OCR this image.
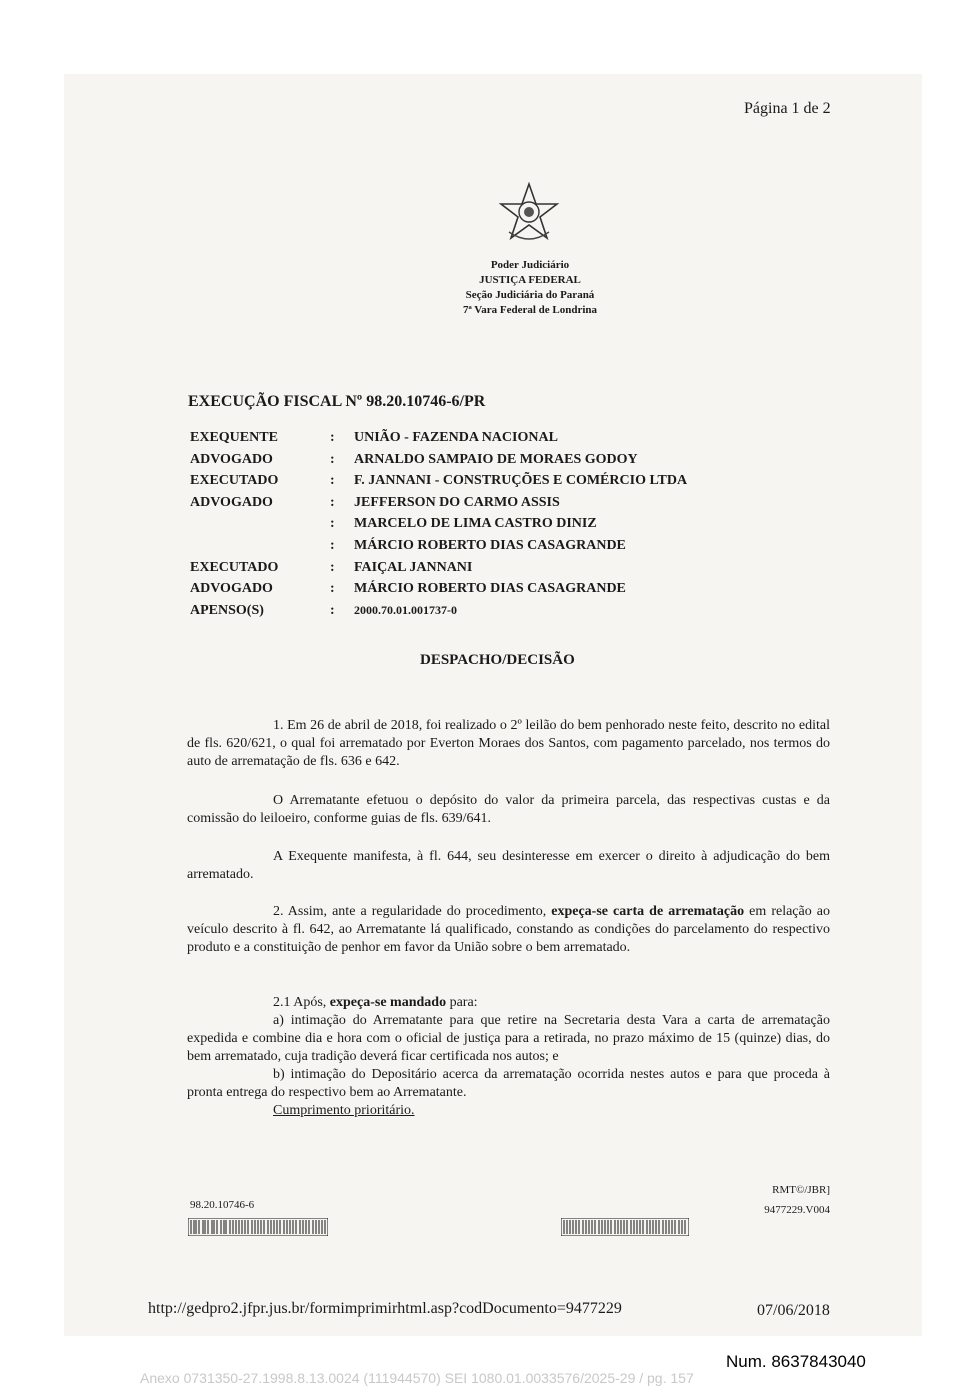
Página 1 de 2
Poder Judiciário
JUSTIÇA FEDERAL
Seção Judiciária do Paraná
7ª Vara Federal de Londrina
EXECUÇÃO FISCAL Nº 98.20.10746-6/PR
EXEQUENTE	: UNIÃO - FAZENDA NACIONAL
ADVOGADO	: ARNALDO SAMPAIO DE MORAES GODOY
EXECUTADO	: F. JANNANI - CONSTRUÇÕES E COMÉRCIO LTDA
ADVOGADO	: JEFFERSON DO CARMO ASSIS
: MARCELO DE LIMA CASTRO DINIZ
: MÁRCIO ROBERTO DIAS CASAGRANDE
EXECUTADO	: FAIÇAL JANNANI
ADVOGADO	: MÁRCIO ROBERTO DIAS CASAGRANDE
APENSO(S)	: 2000.70.01.001737-0
DESPACHO/DECISÃO

1. Em 26 de abril de 2018, foi realizado o 2º leilão do bem penhorado neste feito, descrito no edital de fls. 620/621, o qual foi arrematado por Everton Moraes dos Santos, com pagamento parcelado, nos termos do auto de arrematação de fls. 636 e 642.

O Arrematante efetuou o depósito do valor da primeira parcela, das respectivas custas e da comissão do leiloeiro, conforme guias de fls. 639/641.

A Exequente manifesta, à fl. 644, seu desinteresse em exercer o direito à adjudicação do bem arrematado.

2. Assim, ante a regularidade do procedimento, expeça-se carta de arrematação em relação ao veículo descrito à fl. 642, ao Arrematante lá qualificado, constando as condições do parcelamento do respectivo produto e a constituição de penhor em favor da União sobre o bem arrematado.

2.1 Após, expeça-se mandado para:

a) intimação do Arrematante para que retire na Secretaria desta Vara a carta de arrematação expedida e combine dia e hora com o oficial de justiça para a retirada, no prazo máximo de 15 (quinze) dias, do bem arrematado, cuja tradição deverá ficar certificada nos autos; e

b) intimação do Depositário acerca da arrematação ocorrida nestes autos e para que proceda à pronta entrega do respectivo bem ao Arrematante.

Cumprimento prioritário.

98.20.10746-6
RMT©/JBR]
9477229.V004
http://gedpro2.jfpr.jus.br/formimprimirhtml.asp?codDocumento=9477229	07/06/2018
Num. 8637843040
Anexo 0731350-27.1998.8.13.0024 (111944570) SEI 1080.01.0033576/2025-29 / pg. 157
